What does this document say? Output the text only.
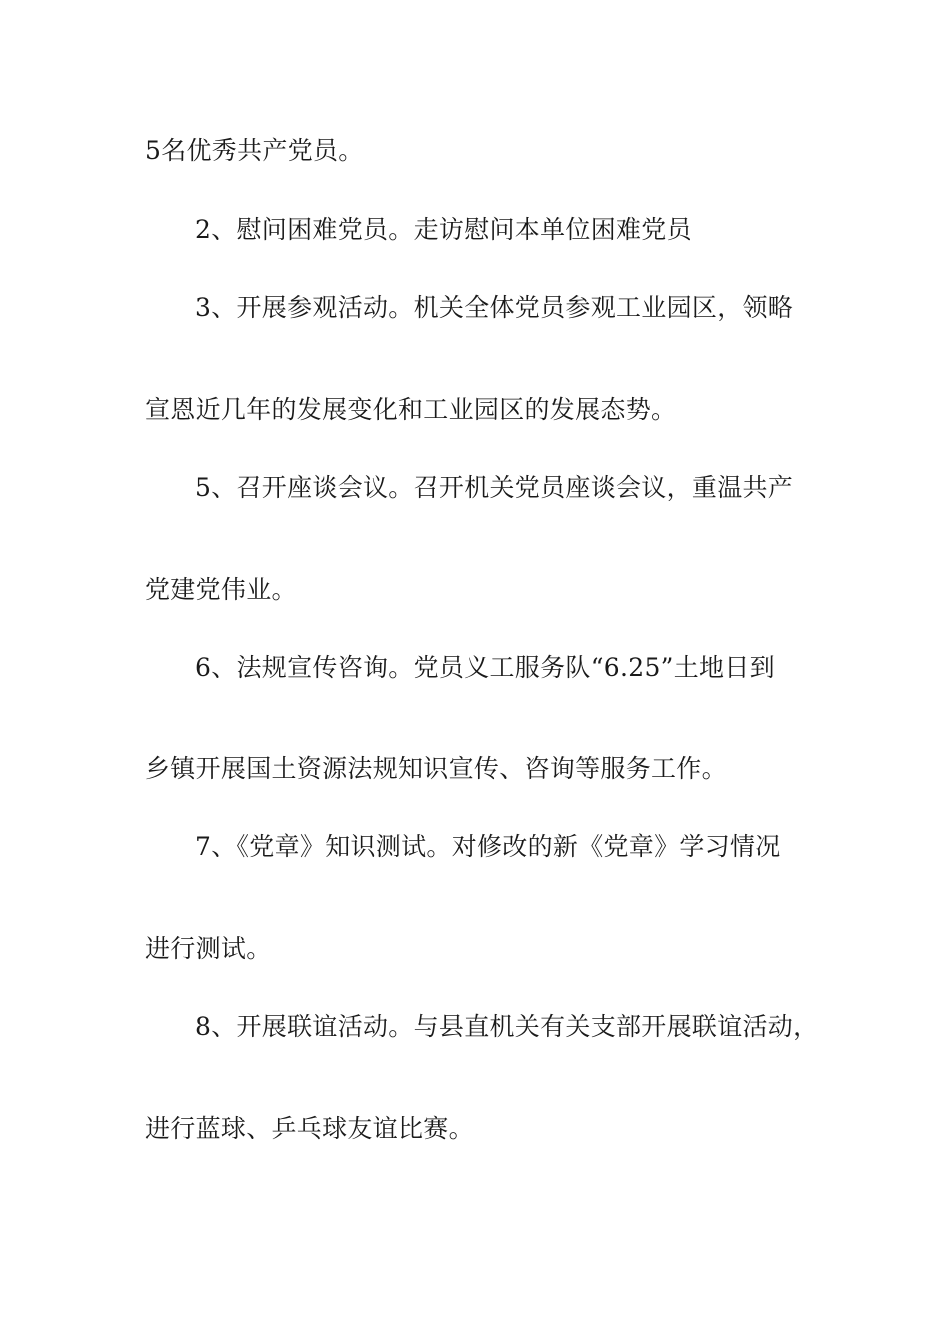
5名优秀共产党员。

2、慰问困难党员。走访慰问本单位困难党员

3、开展参观活动。机关全体党员参观工业园区，领略

宣恩近几年的发展变化和工业园区的发展态势。

5、召开座谈会议。召开机关党员座谈会议，重温共产

党建党伟业。

6、法规宣传咨询。党员义工服务队“6.25”土地日到

乡镇开展国土资源法规知识宣传、咨询等服务工作。

7、《党章》知识测试。对修改的新《党章》学习情况

进行测试。

8、开展联谊活动。与县直机关有关支部开展联谊活动，

进行蓝球、乒乓球友谊比赛。
